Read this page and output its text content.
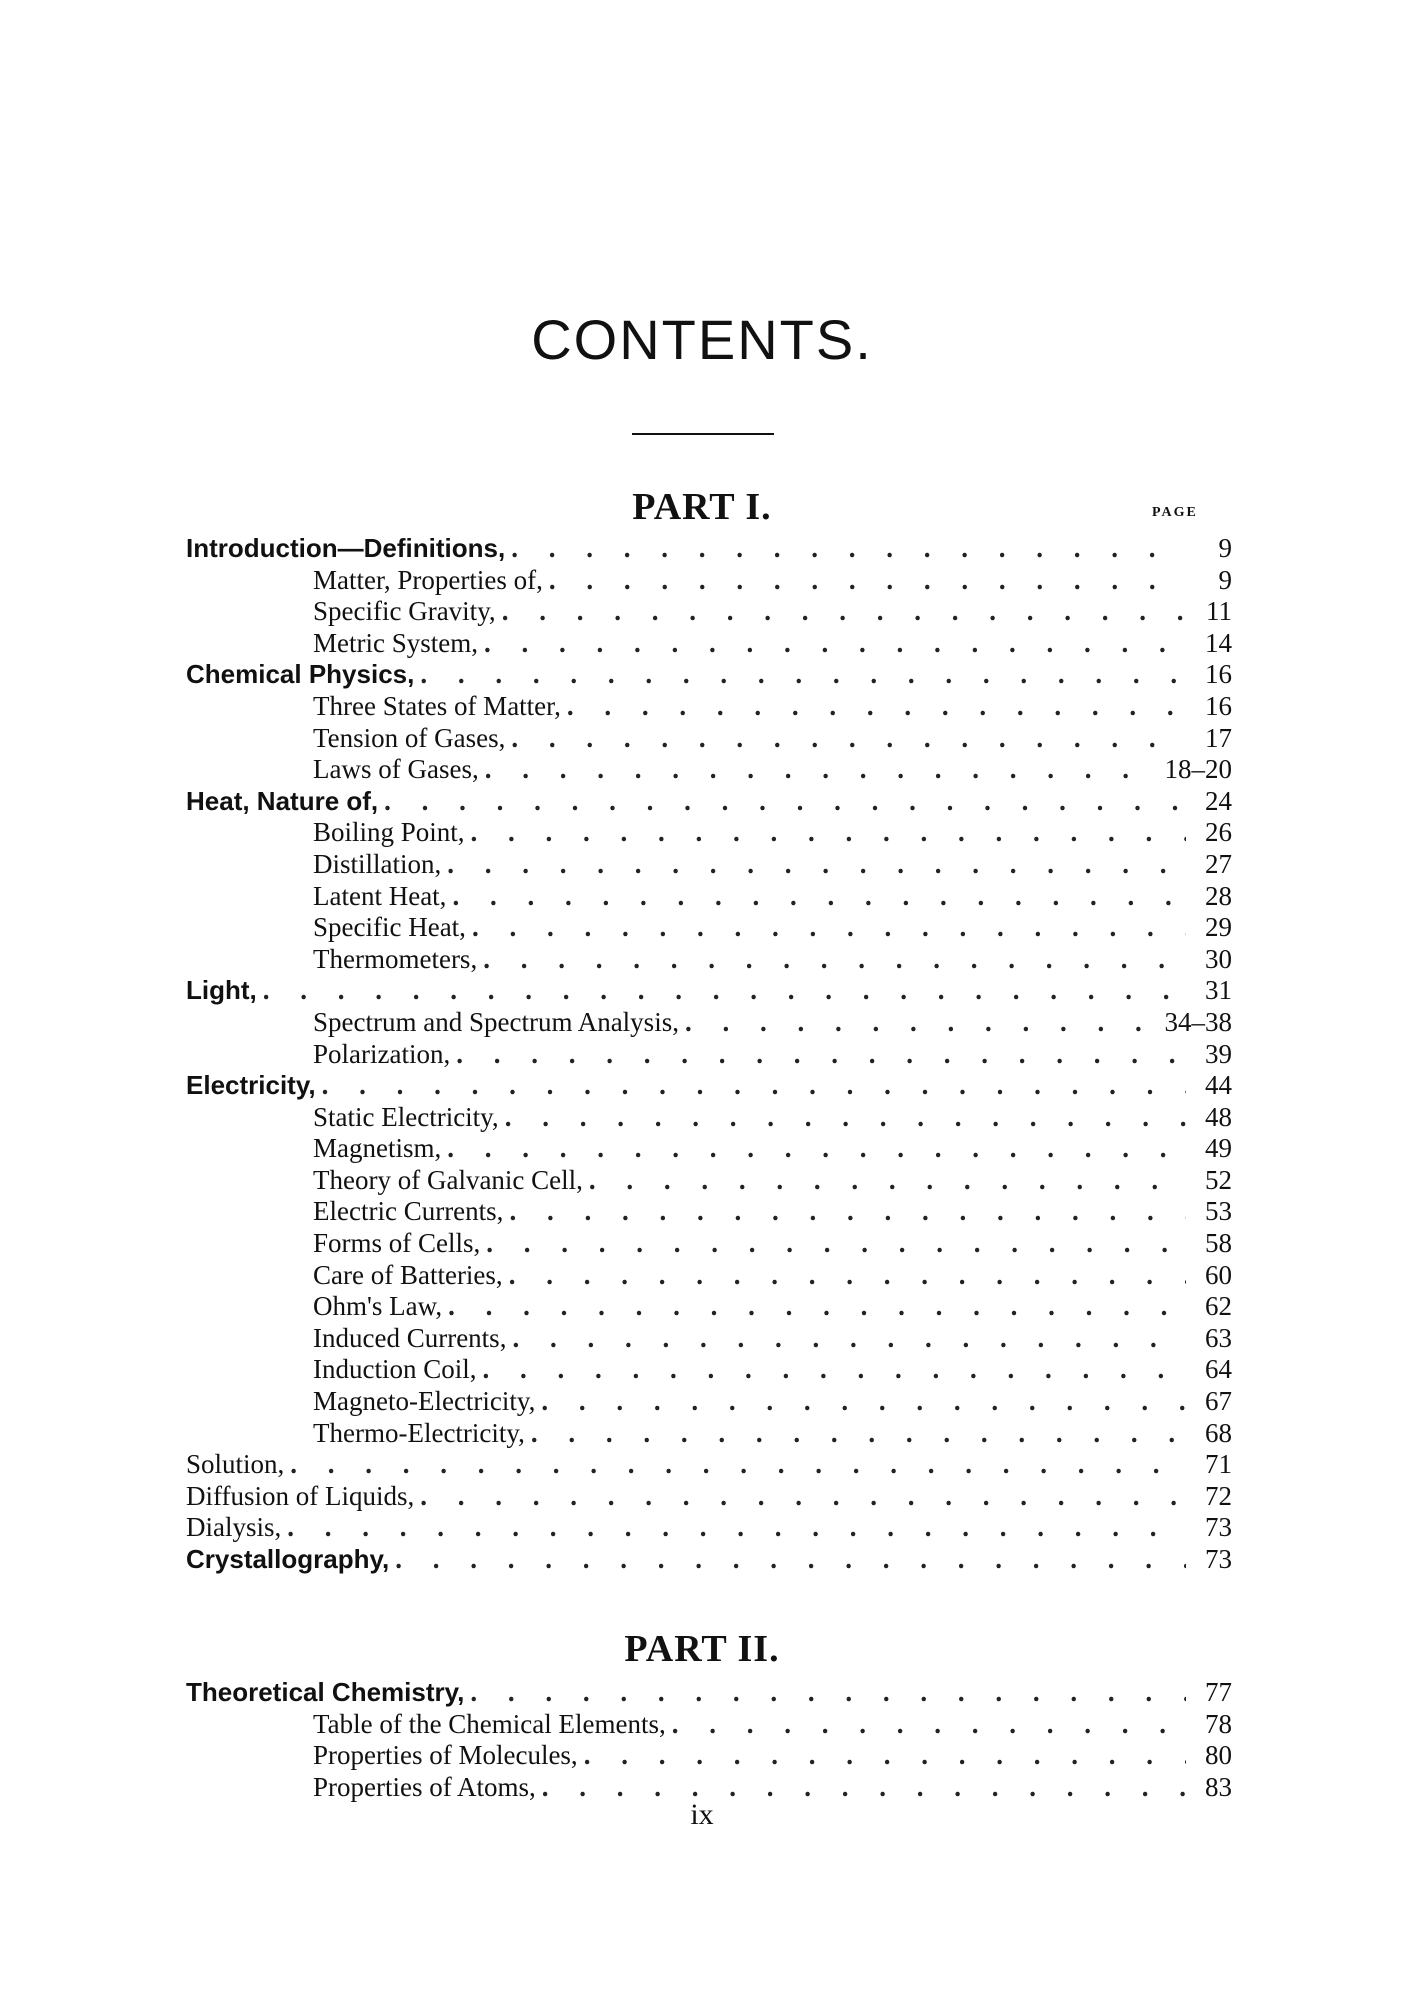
CONTENTS.
PART I.	PAGE
Introduction—Definitions, . . .	9
Matter, Properties of, . . .	9
Specific Gravity, . . .	11
Metric System, . . .	14
Chemical Physics, . . .	16
Three States of Matter, . . .	16
Tension of Gases, . . .	17
Laws of Gases, . . .	18–20
Heat, Nature of, . . .	24
Boiling Point, . . .	26
Distillation, . . .	27
Latent Heat, . . .	28
Specific Heat, . . .	29
Thermometers, . . .	30
Light, . . .	31
Spectrum and Spectrum Analysis, . . .	34–38
Polarization, . . .	39
Electricity, . . .	44
Static Electricity, . . .	48
Magnetism, . . .	49
Theory of Galvanic Cell, . . .	52
Electric Currents, . . .	53
Forms of Cells, . . .	58
Care of Batteries, . . .	60
Ohm's Law, . . .	62
Induced Currents, . . .	63
Induction Coil, . . .	64
Magneto-Electricity, . . .	67
Thermo-Electricity, . . .	68
Solution, . . .	71
Diffusion of Liquids, . . .	72
Dialysis, . . .	73
Crystallography, . . .	73
PART II.
Theoretical Chemistry, . . .	77
Table of the Chemical Elements, . . .	78
Properties of Molecules, . . .	80
Properties of Atoms, . . .	83
ix
